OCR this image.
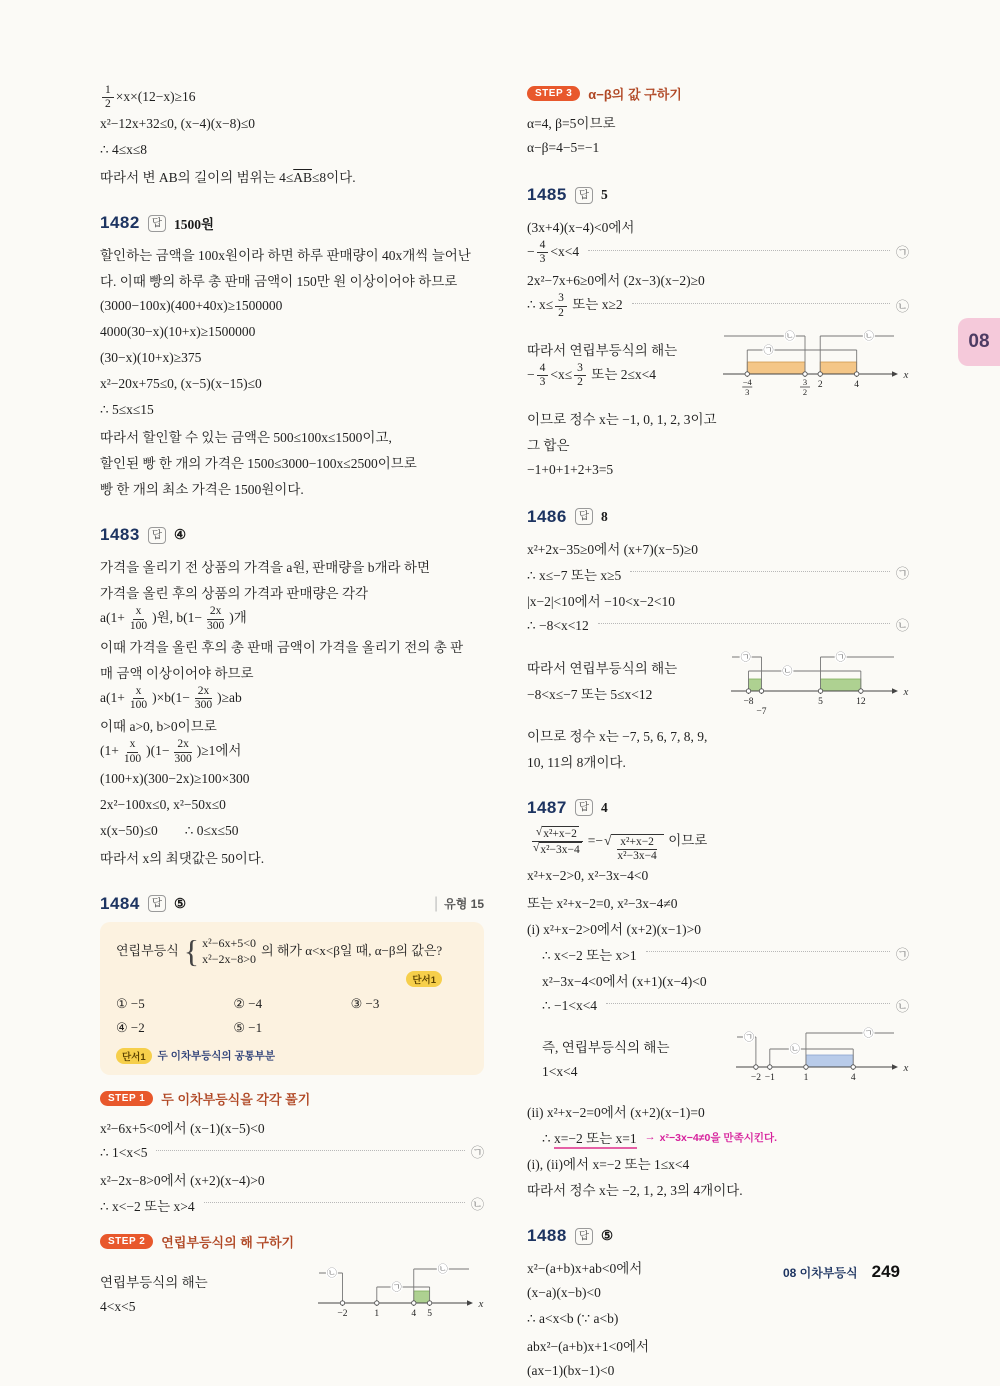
$\frac{1}{2} \times x\times(12-x)\ge 16$
x²−12x+32≤0, (x−4)(x−8)≤0
∴ 4≤x≤8
따라서 변 AB의 길이의 범위는 $4\le\overline{AB}\le 8$이다.
1482	답 1500원
할인하는 금액을 100x원이라 하면 하루 판매량이 40x개씩 늘어난
다. 이때 빵의 하루 총 판매 금액이 150만 원 이상이어야 하므로
(3000−100x)(400+40x)≥1500000
4000(30−x)(10+x)≥1500000
(30−x)(10+x)≥375
x²−20x+75≤0, (x−5)(x−15)≤0
∴ 5≤x≤15
따라서 할인할 수 있는 금액은 500≤100x≤1500이고,
할인된 빵 한 개의 가격은 1500≤3000−100x≤2500이므로
빵 한 개의 최소 가격은 1500원이다.
1483	답 ④
가격을 올리기 전 상품의 가격을 a원, 판매량을 b개라 하면
가격을 올린 후의 상품의 가격과 판매량은 각각
$a(1+ \frac{x}{100}$ )원, $b(1- \frac{2x}{300}$ )개
이때 가격을 올린 후의 총 판매 금액이 가격을 올리기 전의 총 판
매 금액 이상이어야 하므로
$a(1+ \frac{x}{100} )\times b(1- \frac{2x}{300} )\ge ab$
이때 a>0, b>0이므로
$(1+ \frac{x}{100} )(1- \frac{2x}{300} )\ge 1$에서
(100+x)(300−2x)≥100×300
2x²−100x≤0, x²−50x≤0
x(x−50)≤0  ∴ 0≤x≤50
따라서 x의 최댓값은 50이다.
1484	답 ⑤	| 유형 15
연립부등식 { x²−6x+5<0
x²−2x−8>0
의 해가 α<x<β일 때, α−β의 값은?
단서1
① −5	② −4	③ −3
④ −2	⑤ −1
단서1	두 이차부등식의 공통부분
STEP 1	두 이차부등식을 각각 풀기
x²−6x+5<0에서 (x−1)(x−5)<0
∴ 1<x<5	㉠
x²−2x−8>0에서 (x+2)(x−4)>0
∴ x<−2 또는 x>4	㉡
STEP 2	연립부등식의 해 구하기
연립부등식의 해는
4<x<5	x
−2	1	4 5
㉡
㉠
㉡
STEP 3	α−β의 값 구하기
α=4, β=5이므로
α−β=4−5=−1
1485	답 5
(3x+4)(x−4)<0에서
− $\frac{4}{3} <x<4$	㉠
2x²−7x+6≥0에서 (2x−3)(x−2)≥0
∴ $x\le \frac{3}{2}$ 또는 x≥2	㉡
따라서 연립부등식의 해는
− $\frac{4}{3} <x\le \frac{3}{2}$ 또는 2≤x<4	x
−4
3
3
2
2	4
㉡
㉠
㉡
이므로 정수 x는 −1, 0, 1, 2, 3이고
그 합은
−1+0+1+2+3=5
1486	답 8
x²+2x−35≥0에서 (x+7)(x−5)≥0
∴ x≤−7 또는 x≥5	㉠
|x−2|<10에서 −10<x−2<10
∴ −8<x<12	㉡
따라서 연립부등식의 해는
−8<x≤−7 또는 5≤x<12	x
−8
−7
5	12
㉠
㉡
㉠
이므로 정수 x는 −7, 5, 6, 7, 8, 9,
10, 11의 8개이다.
1487	답 4
$\frac{\text{√ x²+x−2}}{\text{√ x²−3x−4}}$ =− √ $\frac{\text{x²+x−2}}{\text{x²−3x−4}}$ 이므로
x²+x−2>0, x²−3x−4<0
또는 x²+x−2=0, x²−3x−4≠0
(i) x²+x−2>0에서 (x+2)(x−1)>0
∴ x<−2 또는 x>1	㉠
x²−3x−4<0에서 (x+1)(x−4)<0
∴ −1<x<4	㉡
즉, 연립부등식의 해는
1<x<4	x
−2 −1	1	4
㉠
㉡
㉠
(ii) x²+x−2=0에서 (x+2)(x−1)=0
∴ x=−2 또는 x=1 → x²−3x−4≠0을 만족시킨다.
(i), (ii)에서 x=−2 또는 1≤x<4
따라서 정수 x는 −2, 1, 2, 3의 4개이다.
1488	답 ⑤
x²−(a+b)x+ab<0에서
(x−a)(x−b)<0
∴ a<x<b (∵ a<b)
abx²−(a+b)x+1<0에서
(ax−1)(bx−1)<0
08
08 이차부등식 249
